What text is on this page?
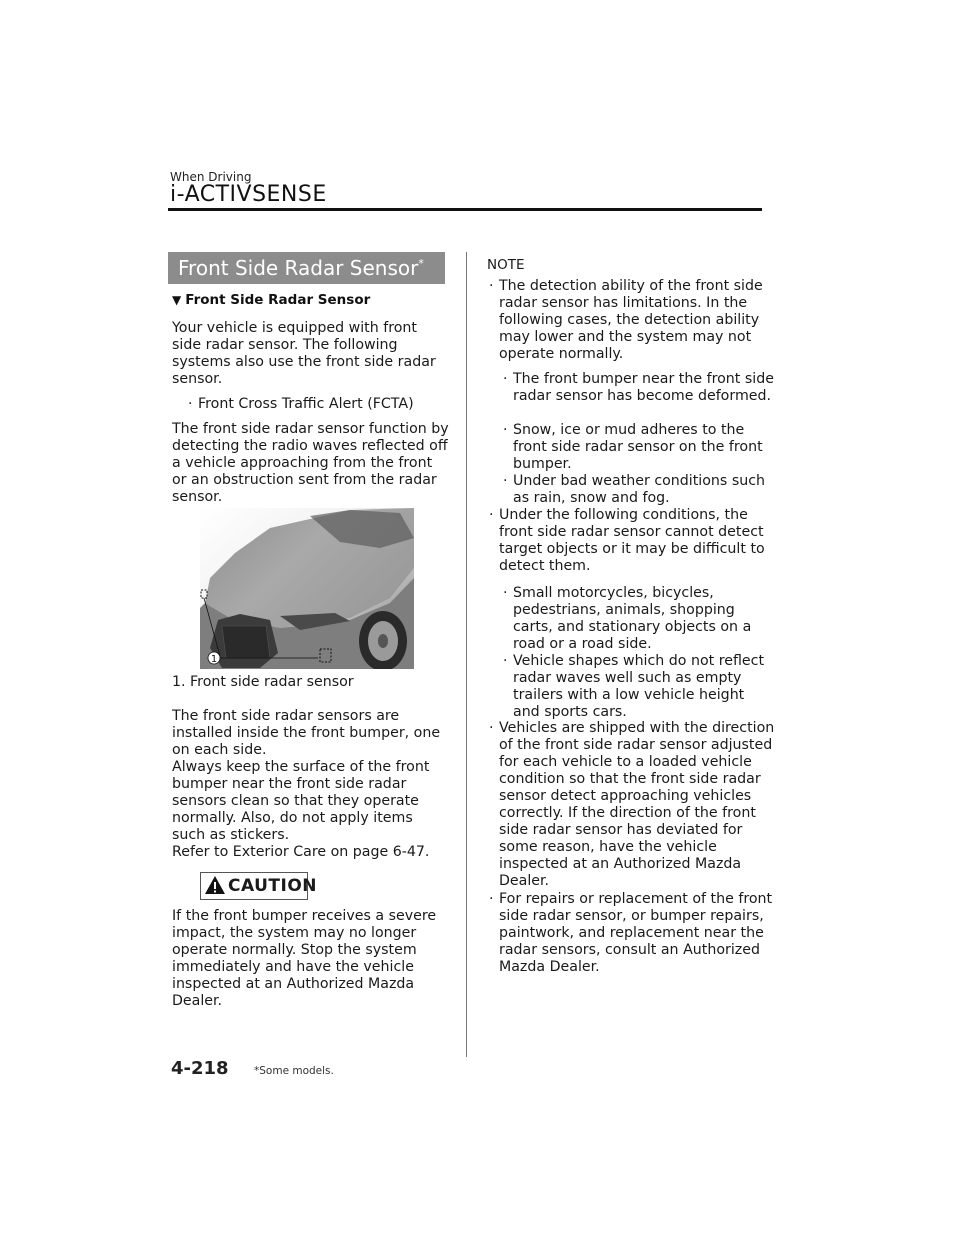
When Driving
i-ACTIVSENSE
Front Side Radar Sensor*
▼ Front Side Radar Sensor
Your vehicle is equipped with front side radar sensor. The following systems also use the front side radar sensor.
· Front Cross Traffic Alert (FCTA)
The front side radar sensor function by detecting the radio waves reflected off a vehicle approaching from the front or an obstruction sent from the radar sensor.
1
1. Front side radar sensor
The front side radar sensors are installed inside the front bumper, one on each side.
Always keep the surface of the front bumper near the front side radar sensors clean so that they operate normally. Also, do not apply items such as stickers.
Refer to Exterior Care on page 6-47.
CAUTION
If the front bumper receives a severe impact, the system may no longer operate normally. Stop the system immediately and have the vehicle inspected at an Authorized Mazda Dealer.
NOTE
· The detection ability of the front side radar sensor has limitations. In the following cases, the detection ability may lower and the system may not operate normally.
· The front bumper near the front side radar sensor has become deformed.
· Snow, ice or mud adheres to the front side radar sensor on the front bumper.
· Under bad weather conditions such as rain, snow and fog.
· Under the following conditions, the front side radar sensor cannot detect target objects or it may be difficult to detect them.
· Small motorcycles, bicycles, pedestrians, animals, shopping carts, and stationary objects on a road or a road side.
· Vehicle shapes which do not reflect radar waves well such as empty trailers with a low vehicle height and sports cars.
· Vehicles are shipped with the direction of the front side radar sensor adjusted for each vehicle to a loaded vehicle condition so that the front side radar sensor detect approaching vehicles correctly. If the direction of the front side radar sensor has deviated for some reason, have the vehicle inspected at an Authorized Mazda Dealer.
· For repairs or replacement of the front side radar sensor, or bumper repairs, paintwork, and replacement near the radar sensors, consult an Authorized Mazda Dealer.
4-218 *Some models.
